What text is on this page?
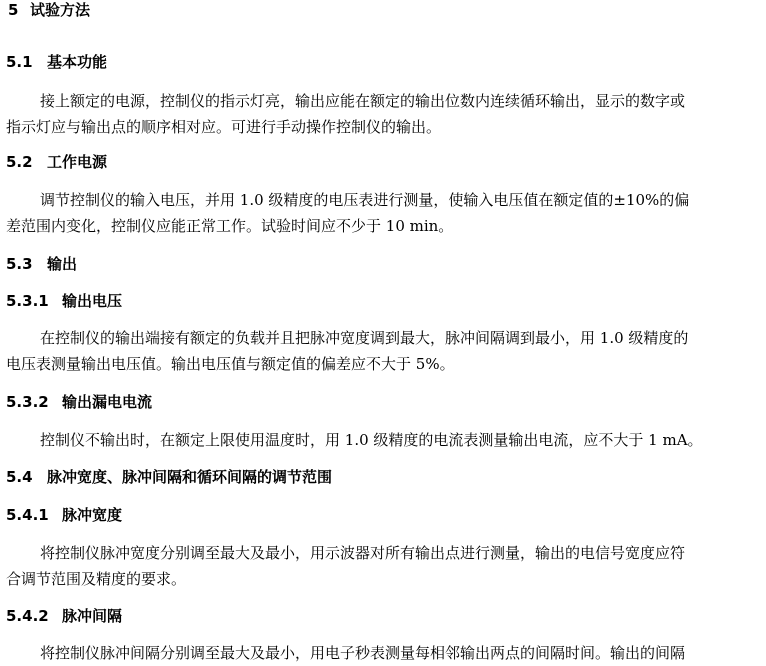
5 试验方法
5.1 基本功能
接上额定的电源，控制仪的指示灯亮，输出应能在额定的输出位数内连续循环输出，显示的数字或
指示灯应与输出点的顺序相对应。可进行手动操作控制仪的输出。
5.2 工作电源
调节控制仪的输入电压，并用 1.0 级精度的电压表进行测量，使输入电压值在额定值的±10%的偏
差范围内变化，控制仪应能正常工作。试验时间应不少于 10 min。
5.3 输出
5.3.1 输出电压
在控制仪的输出端接有额定的负载并且把脉冲宽度调到最大，脉冲间隔调到最小，用 1.0 级精度的
电压表测量输出电压值。输出电压值与额定值的偏差应不大于 5%。
5.3.2 输出漏电电流
控制仪不输出时，在额定上限使用温度时，用 1.0 级精度的电流表测量输出电流，应不大于 1 mA。
5.4 脉冲宽度、脉冲间隔和循环间隔的调节范围
5.4.1 脉冲宽度
将控制仪脉冲宽度分别调至最大及最小，用示波器对所有输出点进行测量，输出的电信号宽度应符
合调节范围及精度的要求。
5.4.2 脉冲间隔
将控制仪脉冲间隔分别调至最大及最小，用电子秒表测量每相邻输出两点的间隔时间。输出的间隔
